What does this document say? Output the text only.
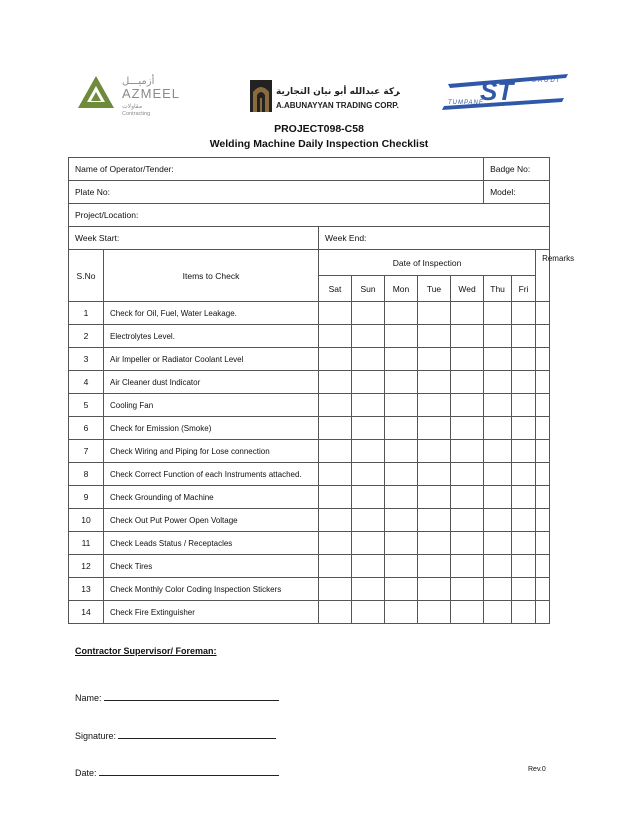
أزميـــل
AZMEEL
مقاولات
Contracting
شركة عبدالله أبو نيان التجارية
A.ABUNAYYAN TRADING CORP.	ST	SAUDI
TUMPANE
PROJECT098-C58
Welding Machine Daily Inspection Checklist
Name of Operator/Tender:							Badge No:		
Plate No:							Model:		
Project/Location:									
Week Start:		Week End:							
S.No	Items to Check	Date of Inspection							Remarks
		Sat	Sun	Mon	Tue	Wed	Thu	Fri	
1	Check for Oil, Fuel, Water Leakage.								
2	Electrolytes Level.								
3	Air Impeller or Radiator Coolant Level								
4	Air Cleaner dust Indicator								
5	Cooling Fan								
6	Check for Emission (Smoke)								
7	Check Wiring and Piping for Lose connection								
8	Check Correct Function of each Instruments attached.								
9	Check Grounding of Machine								
10	Check Out Put Power Open Voltage								
11	Check Leads Status / Receptacles								
12	Check Tires								
13	Check Monthly Color Coding Inspection Stickers								
14	Check Fire Extinguisher								
Contractor Supervisor/ Foreman:
Name:
Signature:
Date:	Rev.0
